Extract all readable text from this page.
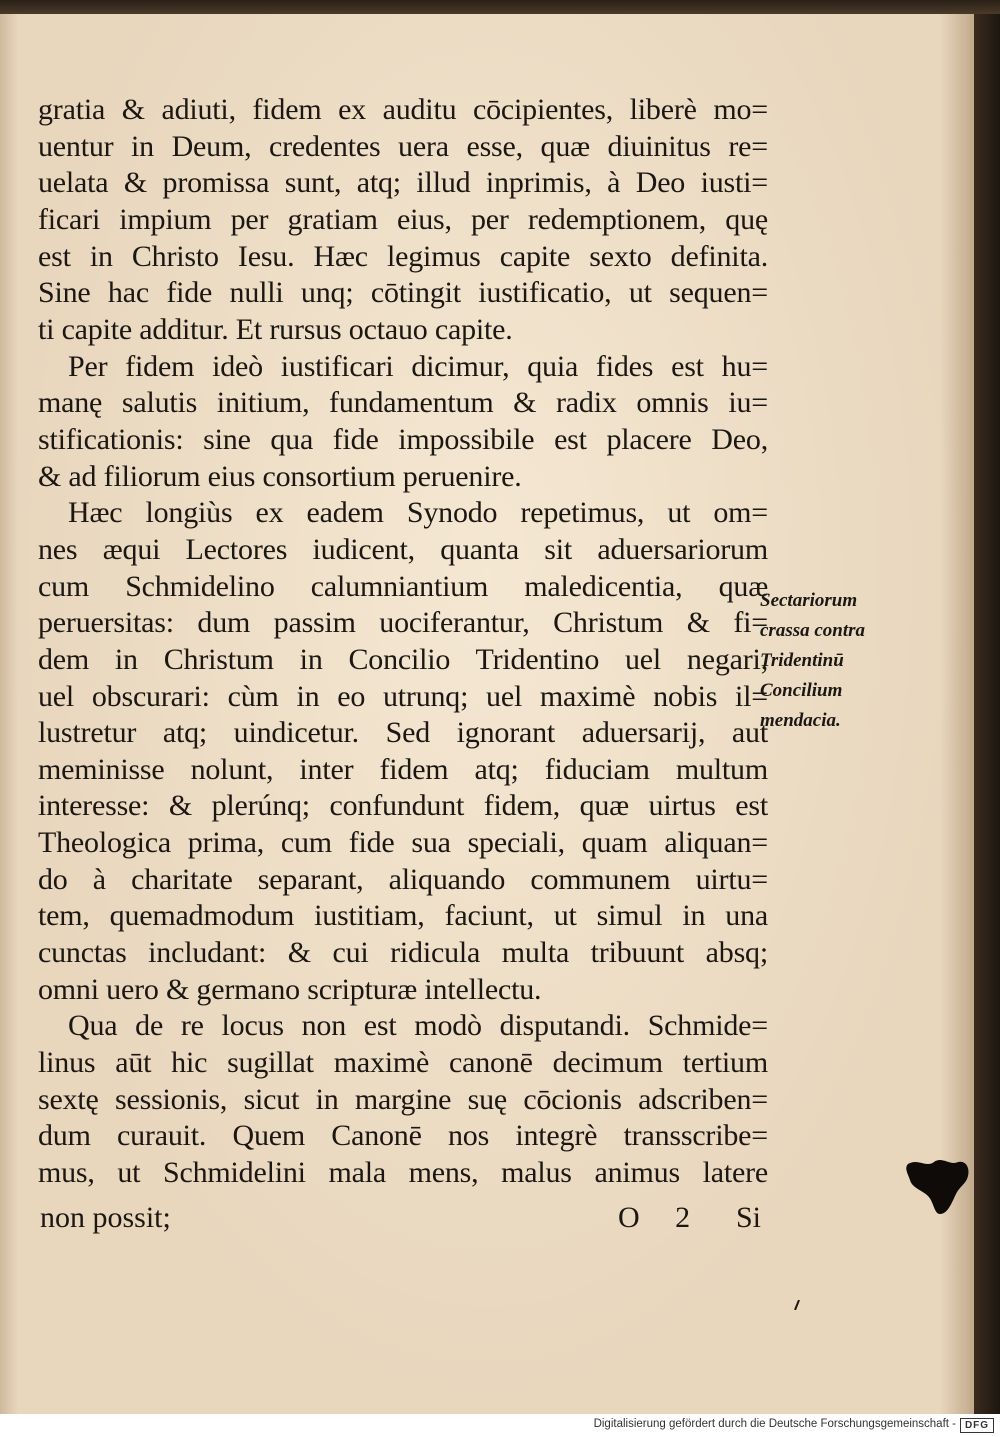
gratia & adiuti, fidem ex auditu cōcipientes, liberè mo=
uentur in Deum, credentes uera esse, quæ diuinitus re=
uelata & promissa sunt, atq; illud inprimis, à Deo iusti=
ficari impium per gratiam eius, per redemptionem, quę
est in Christo Iesu. Hæc legimus capite sexto definita.
Sine hac fide nulli unq; cōtingit iustificatio, ut sequen=
ti capite additur. Et rursus octauo capite.
Per fidem ideò iustificari dicimur, quia fides est hu=
manę salutis initium, fundamentum & radix omnis iu=
stificationis: sine qua fide impossibile est placere Deo,
& ad filiorum eius consortium peruenire.
Hæc longiùs ex eadem Synodo repetimus, ut om=
nes æqui Lectores iudicent, quanta sit aduersariorum
cum Schmidelino calumniantium maledicentia, quæ
peruersitas: dum passim uociferantur, Christum & fi=
dem in Christum in Concilio Tridentino uel negari,
uel obscurari: cùm in eo utrunq; uel maximè nobis il=
lustretur atq; uindicetur. Sed ignorant aduersarij, aut
meminisse nolunt, inter fidem atq; fiduciam multum
interesse: & plerúnq; confundunt fidem, quæ uirtus est
Theologica prima, cum fide sua speciali, quam aliquan=
do à charitate separant, aliquando communem uirtu=
tem, quemadmodum iustitiam, faciunt, ut simul in una
cunctas includant: & cui ridicula multa tribuunt absq;
omni uero & germano scripturæ intellectu.
Qua de re locus non est modò disputandi. Schmide=
linus aūt hic sugillat maximè canonē decimum tertium
sextę sessionis, sicut in margine suę cōcionis adscriben=
dum curauit. Quem Canonē nos integrè transscribe=
mus, ut Schmidelini mala mens, malus animus latere
non possit;	O 2 Si
Sectariorum
crassa contra
Tridentinū
Concilium
mendacia.
Digitalisierung gefördert durch die Deutsche Forschungsgemeinschaft - DFG
